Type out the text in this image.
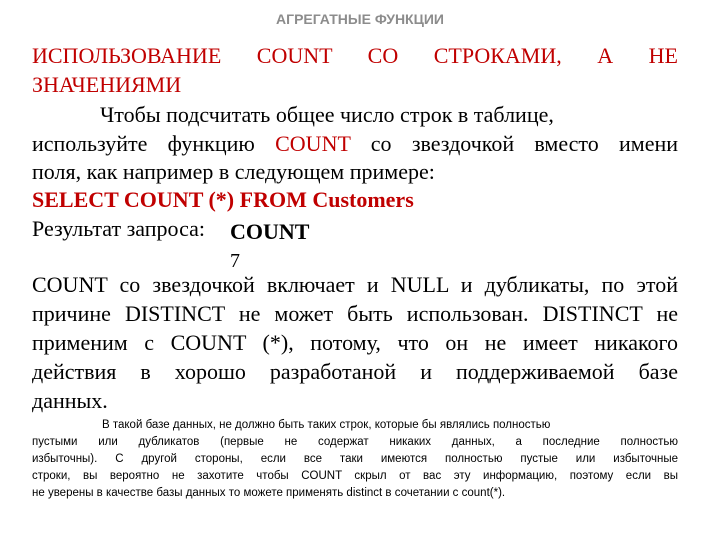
АГРЕГАТНЫЕ ФУНКЦИИ
ИСПОЛЬЗОВАНИЕ COUNT СО СТРОКАМИ, А НЕ
ЗНАЧЕНИЯМИ
Чтобы подсчитать общее число строк в таблице,
используйте функцию COUNT со звездочкой вместо имени
поля, как например в следующем примере:
SELECT COUNT (*) FROM Customers
Результат запроса:	COUNT
7
COUNT со звездочкой включает и NULL и дубликаты, по этой
причине DISTINCT не может быть использован. DISTINCT не
применим с COUNT (*), потому, что он не имеет никакого
действия в хорошо разработаной и поддерживаемой базе
данных.
В такой базе данных, не должно быть таких строк, которые бы являлись полностью
пустыми или дубликатов (первые не содержат никаких данных, а последние полностью
избыточны). С другой стороны, если все таки имеются полностью пустые или избыточные
строки, вы вероятно не захотите чтобы COUNT скрыл от вас эту информацию, поэтому если вы
не уверены в качестве базы данных то можете применять distinct в сочетании с count(*).
